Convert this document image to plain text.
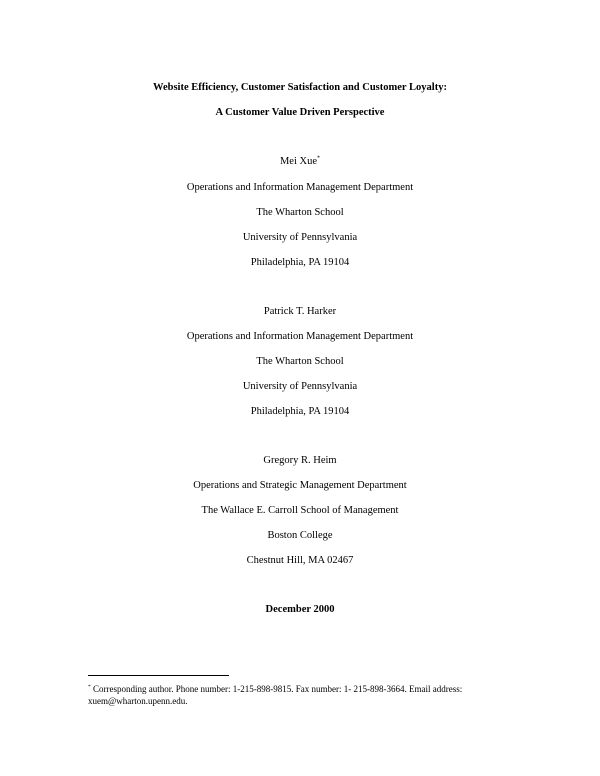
Website Efficiency, Customer Satisfaction and Customer Loyalty:
A Customer Value Driven Perspective
Mei Xue*
Operations and Information Management Department
The Wharton School
University of Pennsylvania
Philadelphia, PA 19104
Patrick T. Harker
Operations and Information Management Department
The Wharton School
University of Pennsylvania
Philadelphia, PA 19104
Gregory R. Heim
Operations and Strategic Management Department
The Wallace E. Carroll School of Management
Boston College
Chestnut Hill, MA 02467
December 2000
* Corresponding author. Phone number: 1-215-898-9815. Fax number: 1- 215-898-3664. Email address:
xuem@wharton.upenn.edu.
